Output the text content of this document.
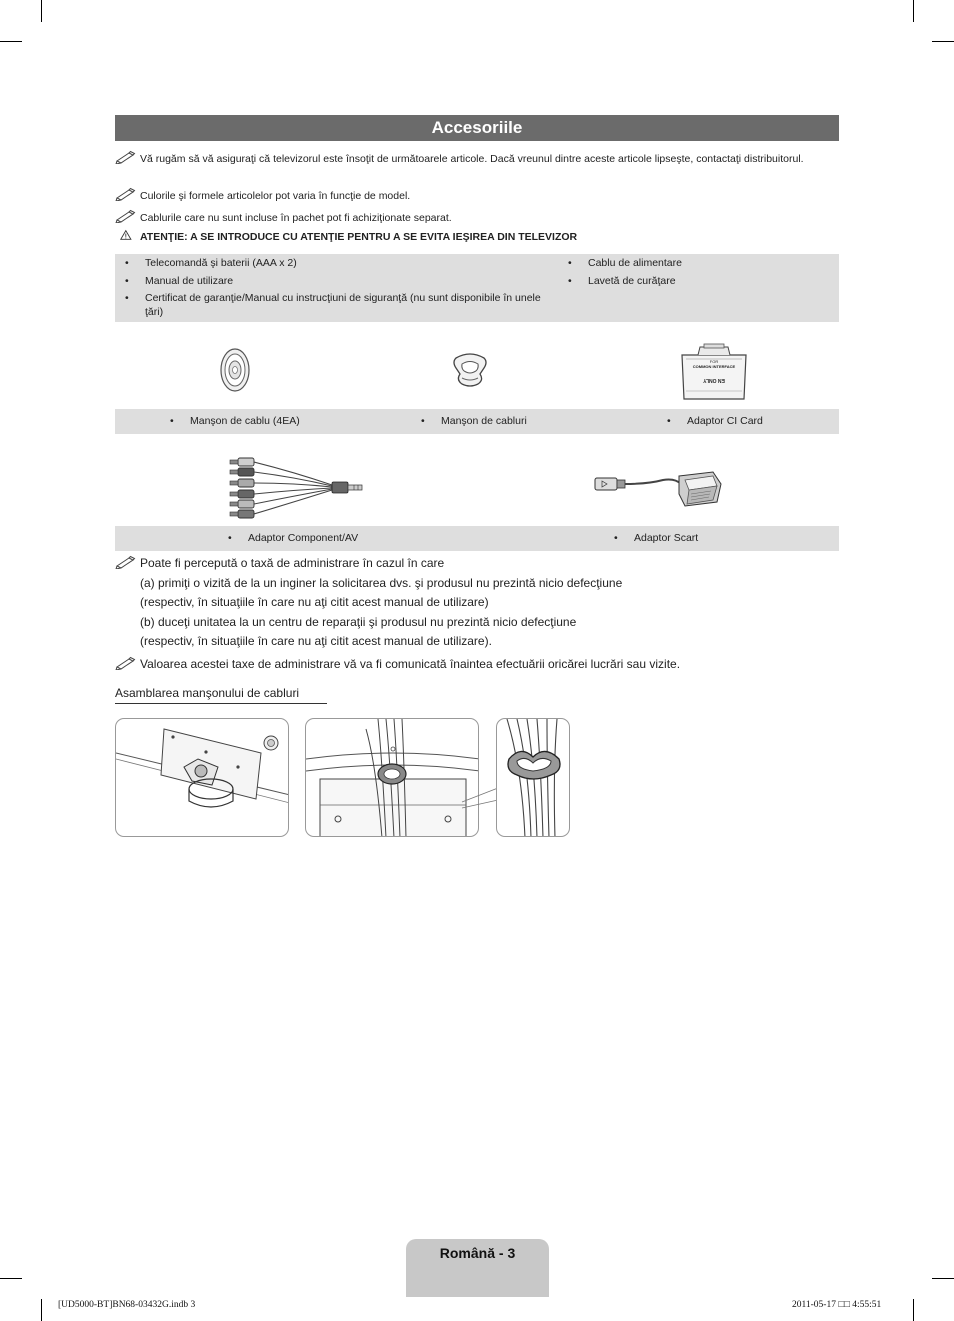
Accesoriile
Vă rugăm să vă asiguraţi că televizorul este însoţit de următoarele articole. Dacă vreunul dintre aceste articole lipseşte, contactaţi distribuitorul.
Culorile şi formele articolelor pot varia în funcţie de model.
Cablurile care nu sunt incluse în pachet pot fi achiziţionate separat.
ATENŢIE: A SE INTRODUCE CU ATENŢIE PENTRU A SE EVITA IEŞIREA DIN TELEVIZOR
• Telecomandă şi baterii (AAA x 2)
• Manual de utilizare
• Certificat de garanţie/Manual cu instrucţiuni de siguranţă (nu sunt disponibile în unele ţări)
• Cablu de alimentare
• Lavetă de curăţare
FOR
COMMON INTERFACE
EN ONLY
• Manşon de cablu (4EA)	• Manşon de cabluri	• Adaptor CI Card
• Adaptor Component/AV	• Adaptor Scart
Poate fi percepută o taxă de administrare în cazul în care
(a) primiţi o vizită de la un inginer la solicitarea dvs. şi produsul nu prezintă nicio defecţiune
(respectiv, în situaţiile în care nu aţi citit acest manual de utilizare)
(b) duceţi unitatea la un centru de reparaţii şi produsul nu prezintă nicio defecţiune
(respectiv, în situaţiile în care nu aţi citit acest manual de utilizare).
Valoarea acestei taxe de administrare vă va fi comunicată înaintea efectuării oricărei lucrări sau vizite.
Asamblarea manşonului de cabluri
Română - 3
[UD5000-BT]BN68-03432G.indb 3	2011-05-17 □□ 4:55:51
